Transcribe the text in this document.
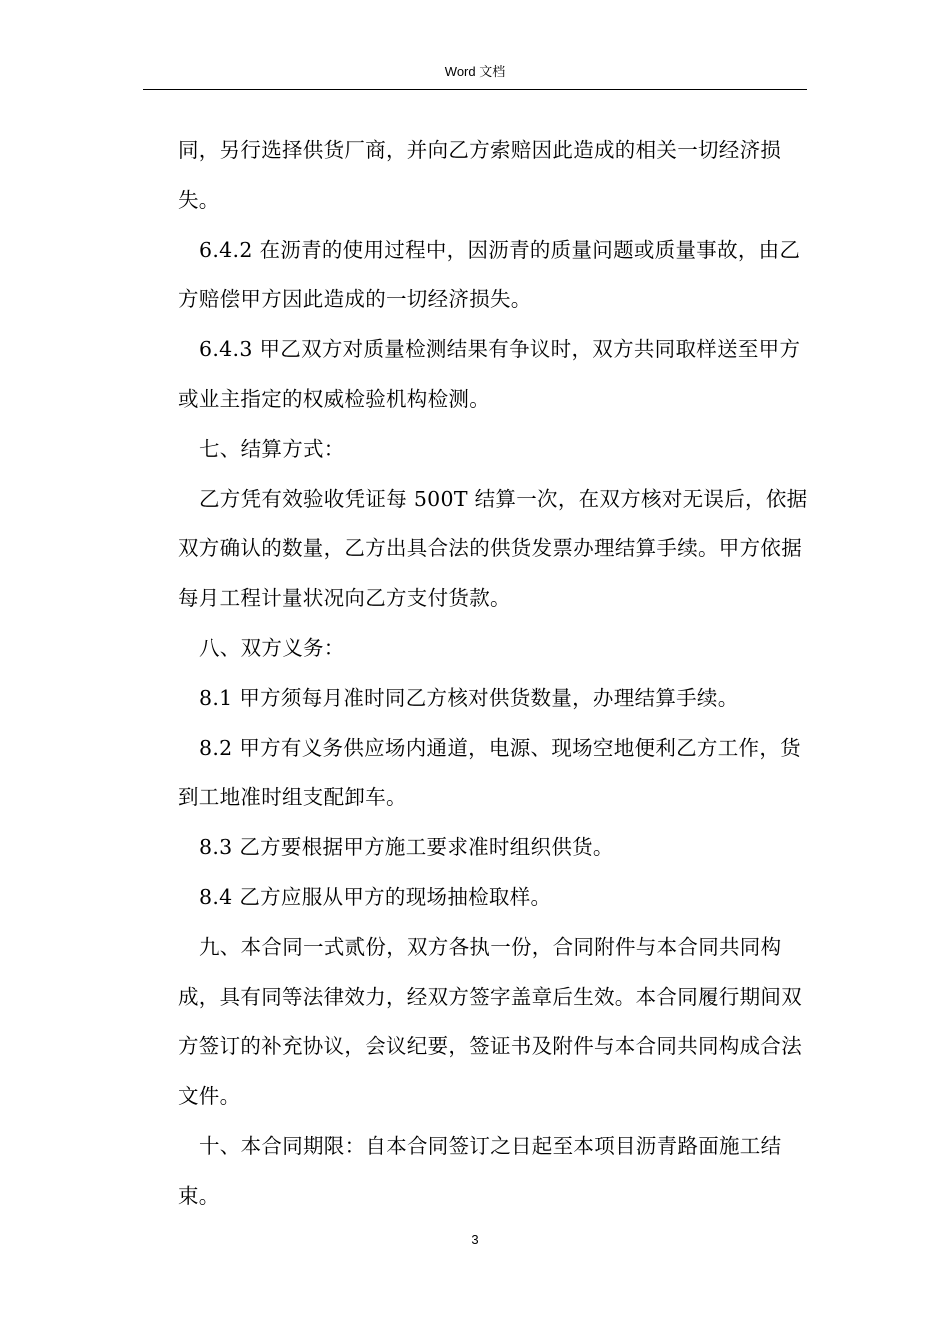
Word 文档

同，另行选择供货厂商，并向乙方索赔因此造成的相关一切经济损失。

6.4.2 在沥青的使用过程中，因沥青的质量问题或质量事故，由乙方赔偿甲方因此造成的一切经济损失。

6.4.3 甲乙双方对质量检测结果有争议时，双方共同取样送至甲方或业主指定的权威检验机构检测。

七、结算方式：

乙方凭有效验收凭证每 500T 结算一次，在双方核对无误后，依据双方确认的数量，乙方出具合法的供货发票办理结算手续。甲方依据每月工程计量状况向乙方支付货款。

八、双方义务：

8.1 甲方须每月准时同乙方核对供货数量，办理结算手续。

8.2 甲方有义务供应场内通道，电源、现场空地便利乙方工作，货到工地准时组支配卸车。

8.3 乙方要根据甲方施工要求准时组织供货。

8.4 乙方应服从甲方的现场抽检取样。

九、本合同一式贰份，双方各执一份，合同附件与本合同共同构成，具有同等法律效力，经双方签字盖章后生效。本合同履行期间双方签订的补充协议，会议纪要，签证书及附件与本合同共同构成合法文件。

十、本合同期限：自本合同签订之日起至本项目沥青路面施工结束。

3
